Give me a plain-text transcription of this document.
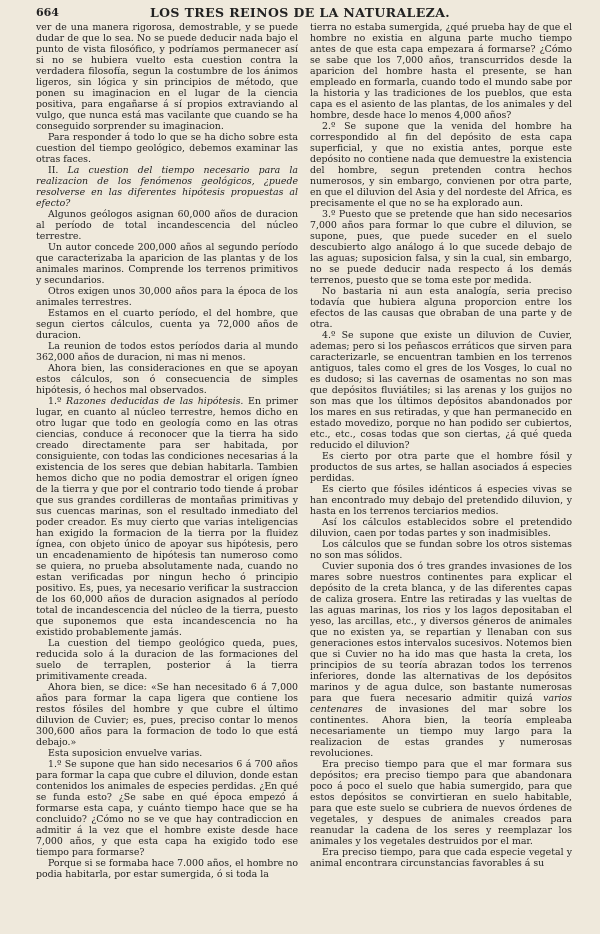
664	LOS TRES REINOS DE LA NATURALEZA.

ver de una manera rigorosa, demostrable, y se puede dudar de que lo sea. No se puede deducir nada bajo el punto de vista filosófico, y podríamos permanecer así si no se hubiera vuelto esta cuestion contra la verdadera filosofía, segun la costumbre de los ánimos ligeros, sin lógica y sin principios de método, que ponen su imaginacion en el lugar de la ciencia positiva, para engañarse á sí propios extraviando al vulgo, que nunca está mas vacilante que cuando se ha conseguido sorprender su imaginacion.

Para responder á todo lo que se ha dicho sobre esta cuestion del tiempo geológico, debemos examinar las otras faces.

II. La cuestion del tiempo necesario para la realizacion de los fenómenos geológicos, ¿puede resolverse en las diferentes hipótesis propuestas al efecto?

Algunos geólogos asignan 60,000 años de duracion al período de total incandescencia del núcleo terrestre.

Un autor concede 200,000 años al segundo período que caracterizaba la aparicion de las plantas y de los animales marinos. Comprende los terrenos primitivos y secundarios.

Otros exigen unos 30,000 años para la época de los animales terrestres.

Estamos en el cuarto período, el del hombre, que segun ciertos cálculos, cuenta ya 72,000 años de duracion.

La reunion de todos estos períodos daria al mundo 362,000 años de duracion, ni mas ni menos.

Ahora bien, las consideraciones en que se apoyan estos cálculos, son ó consecuencia de simples hipótesis, ó hechos mal observados.

1.º Razones deducidas de las hipótesis. En primer lugar, en cuanto al núcleo terrestre, hemos dicho en otro lugar que todo en geología como en las otras ciencias, conduce á reconocer que la tierra ha sido creado directamente para ser habitada, por consiguiente, con todas las condiciones necesarias á la existencia de los seres que debian habitarla. Tambien hemos dicho que no podia demostrar el origen ígneo de la tierra y que por el contrario todo tiende á probar que sus grandes cordilleras de montañas primitivas y sus cuencas marinas, son el resultado inmediato del poder creador. Es muy cierto que varias inteligencias han exigido la formacion de la tierra por la fluidez ígnea, con objeto único de apoyar sus hipótesis, pero un encadenamiento de hipótesis tan numeroso como se quiera, no prueba absolutamente nada, cuando no estan verificadas por ningun hecho ó principio positivo. Es, pues, ya necesario verificar la sustraccion de los 60,000 años de duracion asignados al período total de incandescencia del núcleo de la tierra, puesto que suponemos que esta incandescencia no ha existido probablemente jamás.

La cuestion del tiempo geológico queda, pues, reducida solo á la duracion de las formaciones del suelo de terraplen, posterior á la tierra primitivamente creada.

Ahora bien, se dice: «Se han necesitado 6 á 7,000 años para formar la capa ligera que contiene los restos fósiles del hombre y que cubre el último diluvion de Cuvier; es, pues, preciso contar lo menos 300,600 años para la formacion de todo lo que está debajo.»

Esta suposicion envuelve varias.

1.º Se supone que han sido necesarios 6 á 700 años para formar la capa que cubre el diluvion, donde estan contenidos los animales de especies perdidas. ¿En qué se funda esto? ¿Se sabe en qué época empezó á formarse esta capa, y cuánto tiempo hace que se ha concluido? ¿Cómo no se ve que hay contradiccion en admitir á la vez que el hombre existe desde hace 7,000 años, y que esta capa ha exigido todo ese tiempo para formarse?

Porque si se formaba hace 7.000 años, el hombre no podia habitarla, por estar sumergida, ó si toda la

tierra no estaba sumergida, ¿qué prueba hay de que el hombre no existia en alguna parte mucho tiempo antes de que esta capa empezara á formarse? ¿Cómo se sabe que los 7,000 años, transcurridos desde la aparicion del hombre hasta el presente, se han empleado en formarla, cuando todo el mundo sabe por la historia y las tradiciones de los pueblos, que esta capa es el asiento de las plantas, de los animales y del hombre, desde hace lo menos 4,000 años?

2.º Se supone que la venida del hombre ha correspondido al fin del depósito de esta capa superficial, y que no existia antes, porque este depósito no contiene nada que demuestre la existencia del hombre, segun pretenden contra hechos numerosos, y sin embargo, convienen por otra parte, en que el diluvion del Asia y del nordeste del Africa, es precisamente el que no se ha explorado aun.

3.º Puesto que se pretende que han sido necesarios 7,000 años para formar lo que cubre el diluvion, se supone, pues, que puede suceder en el suelo descubierto algo análogo á lo que sucede debajo de las aguas; suposicion falsa, y sin la cual, sin embargo, no se puede deducir nada respecto á los demás terrenos, puesto que se toma este por medida.

No bastaria ni aun esta analogía, seria preciso todavía que hubiera alguna proporcion entre los efectos de las causas que obraban de una parte y de otra.

4.º Se supone que existe un diluvion de Cuvier, ademas; pero si los peñascos erráticos que sirven para caracterizarle, se encuentran tambien en los terrenos antiguos, tales como el gres de los Vosges, lo cual no es dudoso; si las cavernas de osamentas no son mas que depósitos fluviátiles; si las arenas y los guijos no son mas que los últimos depósitos abandonados por los mares en sus retiradas, y que han permanecido en estado movedizo, porque no han podido ser cubiertos, etc., etc., cosas todas que son ciertas, ¿á qué queda reducido el diluvion?

Es cierto por otra parte que el hombre fósil y productos de sus artes, se hallan asociados á especies perdidas.

Es cierto que fósiles idénticos á especies vivas se han encontrado muy debajo del pretendido diluvion, y hasta en los terrenos terciarios medios.

Así los cálculos establecidos sobre el pretendido diluvion, caen por todas partes y son inadmisibles.

Los cálculos que se fundan sobre los otros sistemas no son mas sólidos.

Cuvier suponia dos ó tres grandes invasiones de los mares sobre nuestros continentes para explicar el depósito de la creta blanca, y de las diferentes capas de caliza grosera. Entre las retiradas y las vueltas de las aguas marinas, los rios y los lagos depositaban el yeso, las arcillas, etc., y diversos géneros de animales que no existen ya, se repartian y llenaban con sus generaciones estos intervalos sucesivos. Notemos bien que si Cuvier no ha ido mas que hasta la creta, los principios de su teoría abrazan todos los terrenos inferiores, donde las alternativas de los depósitos marinos y de agua dulce, son bastante numerosas para que fuera necesario admitir quizá varios centenares de invasiones del mar sobre los continentes. Ahora bien, la teoría empleaba necesariamente un tiempo muy largo para la realizacion de estas grandes y numerosas revoluciones.

Era preciso tiempo para que el mar formara sus depósitos; era preciso tiempo para que abandonara poco á poco el suelo que habia sumergido, para que estos depósitos se convirtieran en suelo habitable, para que este suelo se cubriera de nuevos órdenes de vegetales, y despues de animales creados para reanudar la cadena de los seres y reemplazar los animales y los vegetales destruidos por el mar.

Era preciso tiempo, para que cada especie vegetal y animal encontrara circunstancias favorables á su
